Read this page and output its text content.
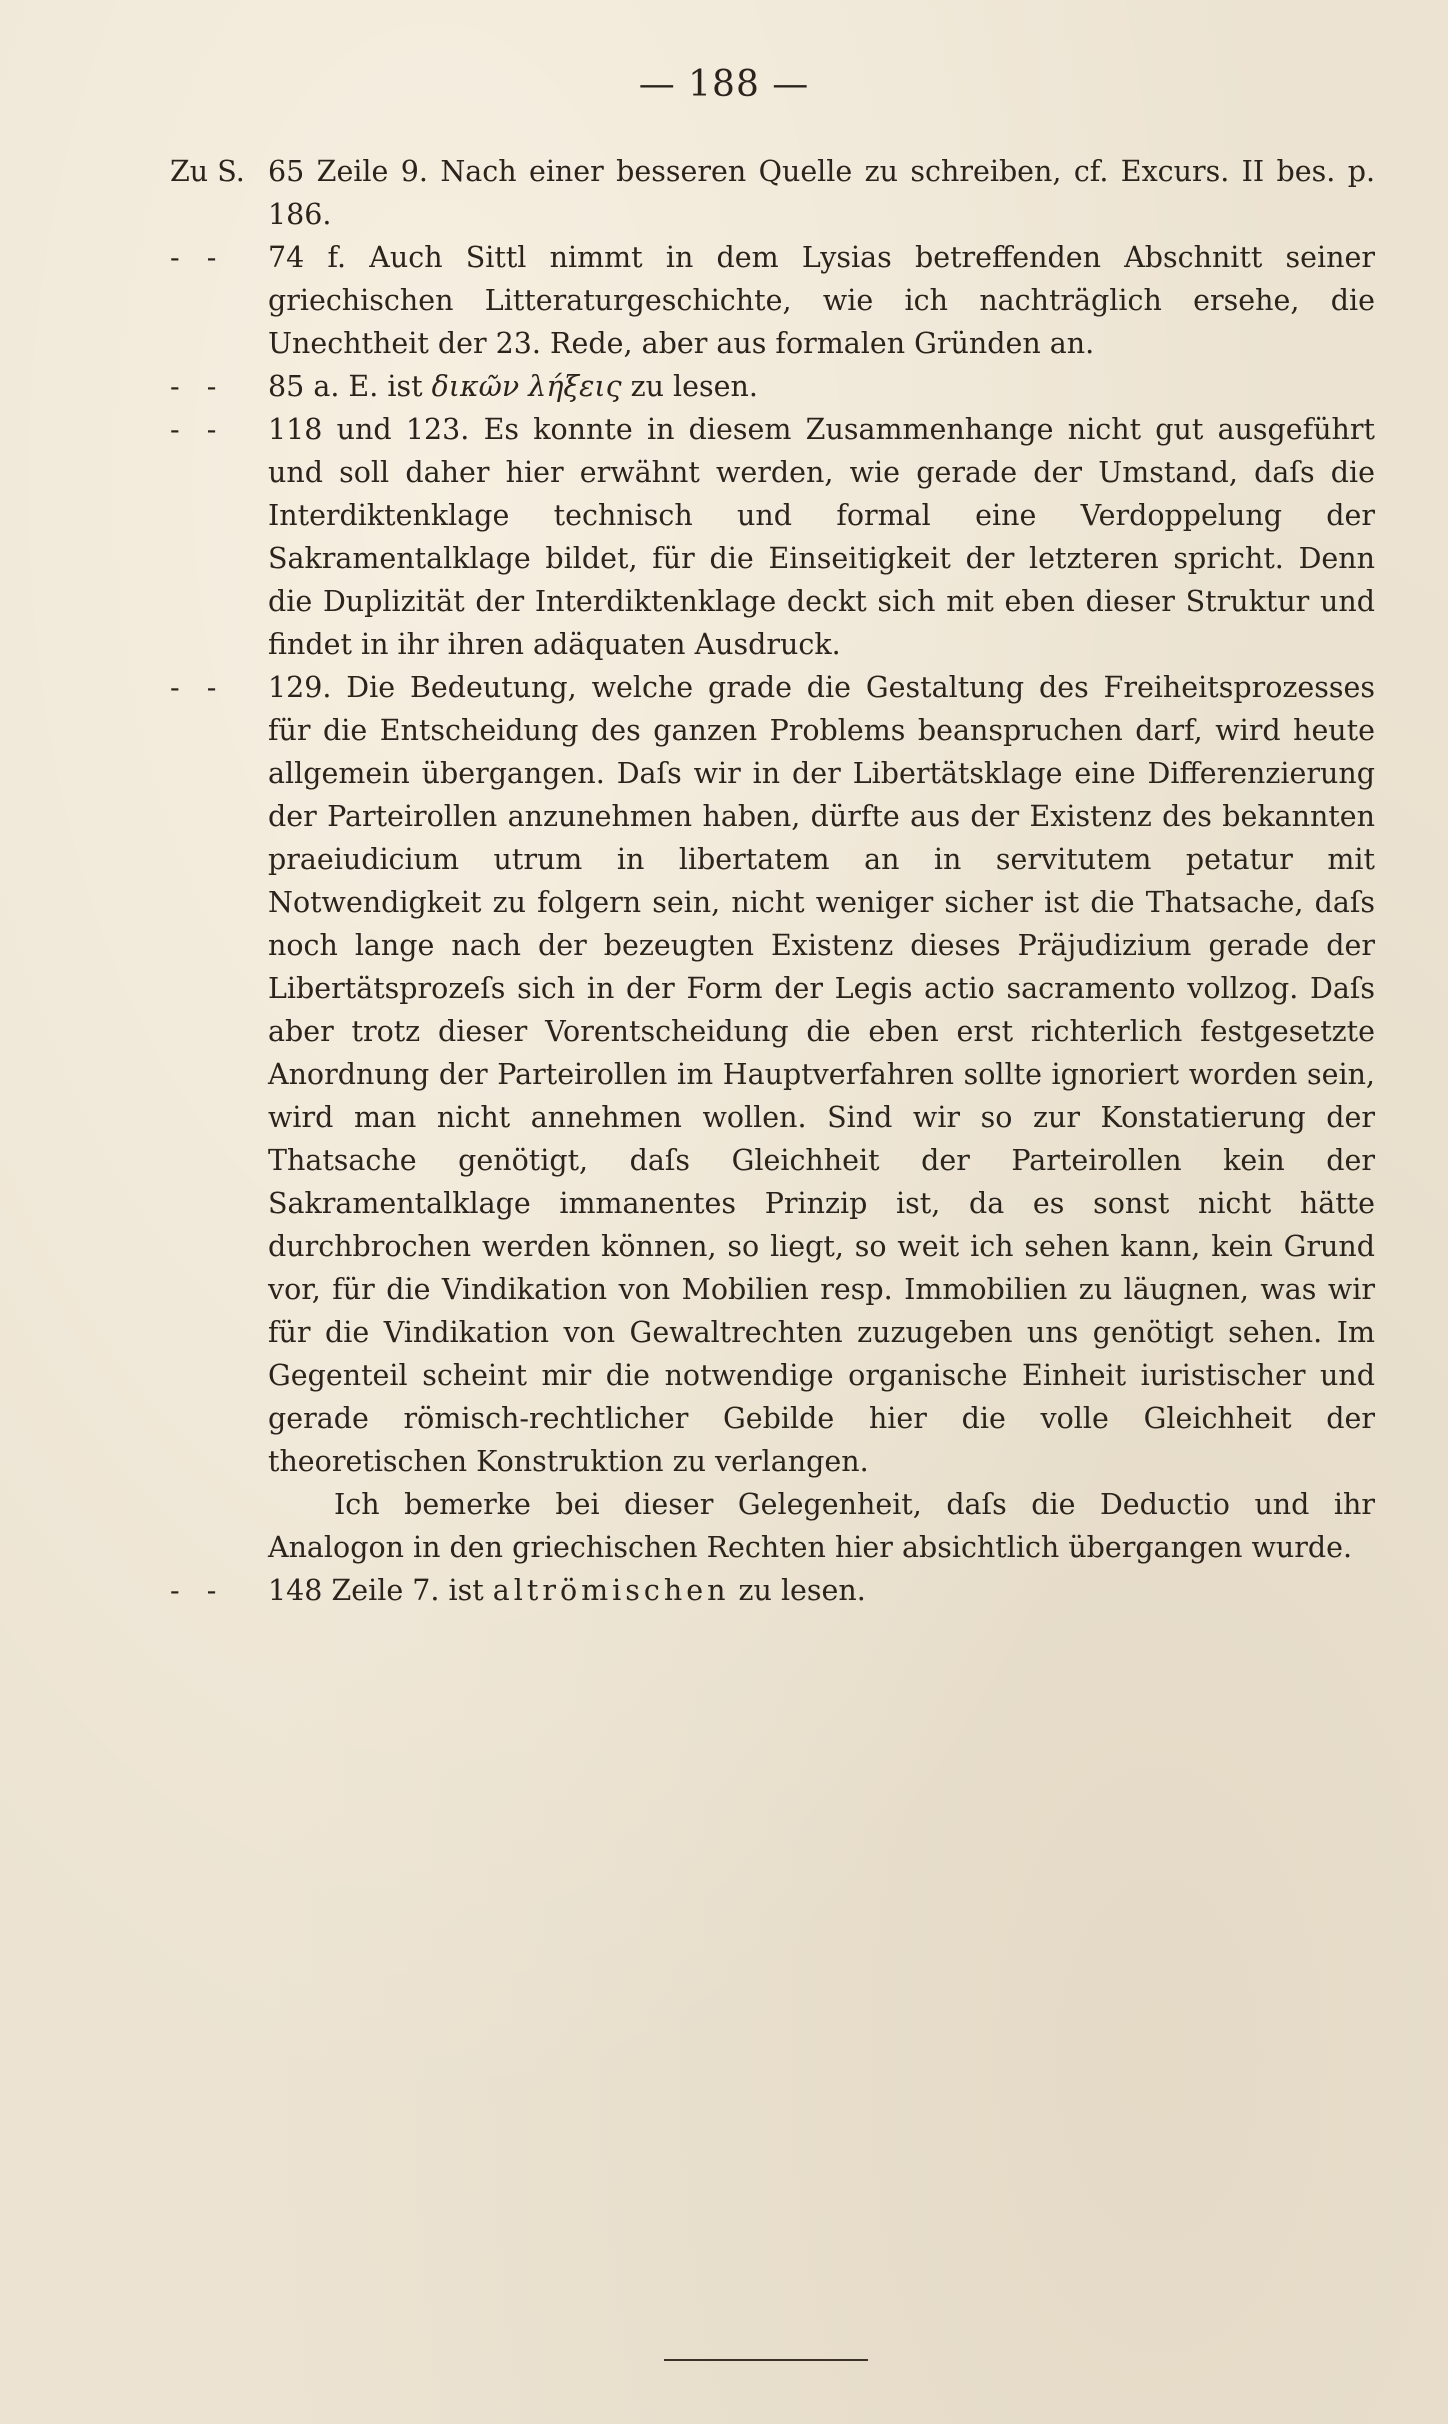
— 188 —
Zu S. 65 Zeile 9. Nach einer besseren Quelle zu schreiben, cf. Excurs. II bes. p. 186.
-   -	74 f. Auch Sittl nimmt in dem Lysias betreffenden Abschnitt seiner griechischen Litteraturgeschichte, wie ich nachträglich ersehe, die Unechtheit der 23. Rede, aber aus formalen Gründen an.
-   -	85 a. E. ist δικῶν λήξεις zu lesen.
-   -	118 und 123. Es konnte in diesem Zusammenhange nicht gut ausgeführt und soll daher hier erwähnt werden, wie gerade der Umstand, daſs die Interdiktenklage technisch und formal eine Verdoppelung der Sakramentalklage bildet, für die Einseitigkeit der letzteren spricht. Denn die Duplizität der Interdiktenklage deckt sich mit eben dieser Struktur und findet in ihr ihren adäquaten Ausdruck.
-   -	129. Die Bedeutung, welche grade die Gestaltung des Freiheitsprozesses für die Entscheidung des ganzen Problems beanspruchen darf, wird heute allgemein übergangen. Daſs wir in der Libertätsklage eine Differenzierung der Parteirollen anzunehmen haben, dürfte aus der Existenz des bekannten praeiudicium utrum in libertatem an in servitutem petatur mit Notwendigkeit zu folgern sein, nicht weniger sicher ist die Thatsache, daſs noch lange nach der bezeugten Existenz dieses Präjudizium gerade der Libertätsprozeſs sich in der Form der Legis actio sacramento vollzog. Daſs aber trotz dieser Vorentscheidung die eben erst richterlich festgesetzte Anordnung der Parteirollen im Hauptverfahren sollte ignoriert worden sein, wird man nicht annehmen wollen. Sind wir so zur Konstatierung der Thatsache genötigt, daſs Gleichheit der Parteirollen kein der Sakramentalklage immanentes Prinzip ist, da es sonst nicht hätte durchbrochen werden können, so liegt, so weit ich sehen kann, kein Grund vor, für die Vindikation von Mobilien resp. Immobilien zu läugnen, was wir für die Vindikation von Gewaltrechten zuzugeben uns genötigt sehen. Im Gegenteil scheint mir die notwendige organische Einheit iuristischer und gerade römisch-rechtlicher Gebilde hier die volle Gleichheit der theoretischen Konstruktion zu verlangen.
Ich bemerke bei dieser Gelegenheit, daſs die Deductio und ihr Analogon in den griechischen Rechten hier absichtlich übergangen wurde.
-   -	148 Zeile 7. ist altrömischen zu lesen.
